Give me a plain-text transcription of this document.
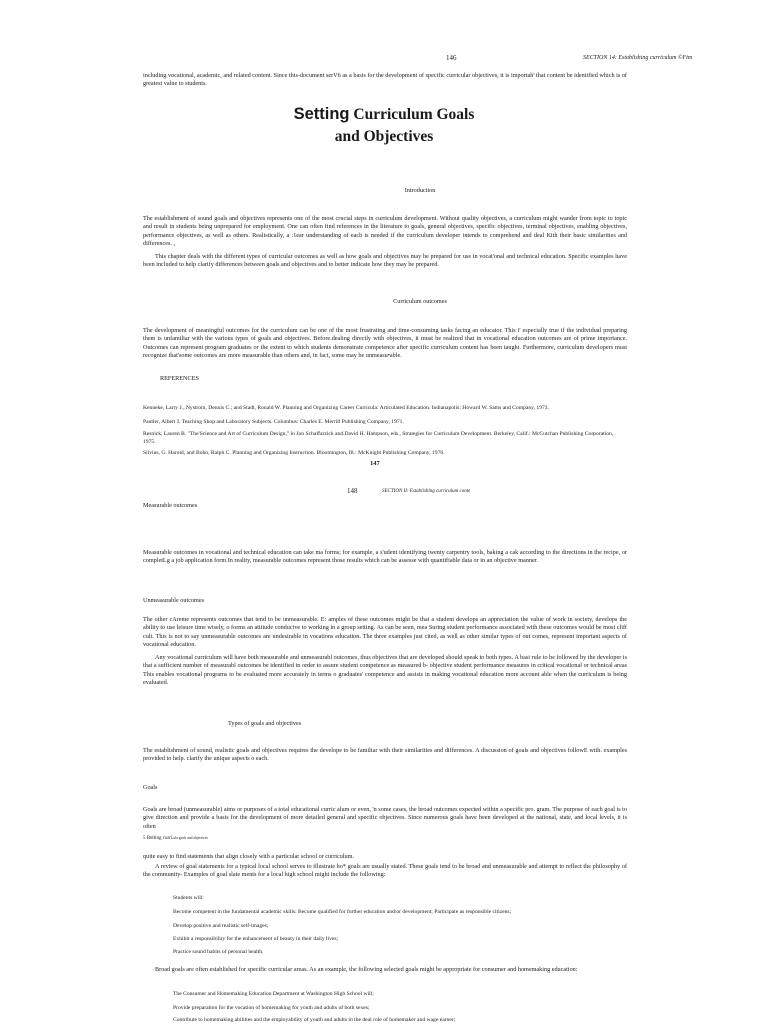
146	SECTION 14: Establishing curriculum ©Ftm

including vocational, academic, and related content. Since this-document serV6 as a basis for the development of specific curricular objectives, it is importah' that content be identified which is of greatest value to students.

Setting Curriculum Goals
and Objectives
Introduction

The establishment of sound goals and objectives represents one of the most crucial steps in curriculum development. Without quality objectives, a curriculum might wander from topic to topic and result in students being unprepared for employment. One can often find references in the literature to goals, general objectives, specific objectives, terminal objectives, enabling objectives, performance objectives, as well as others. Realistically, a :1ear understanding of each is needed if the curriculum developer intends to comprehend and deal Kith their basic similarities and differences. ,

This chapter deals with the different types of curricular outcomes as well as how goals and objectives may be prepared for use in vocat'onal and technical education. Specific examples have been included to help clarify differences between goals and objectives and to better indicate how they may be prepared.

Curriculum outcomes

The development of meaningful outcomes for the curriculum can be one of the most frustrating and time-consuming tasks facing an educator. This i' especially true if the individual preparing them is unfamiliar with the various types of goals and objectives. Before.dealing directly with objectives, it must be realized that in vocational education outcomes are of prime importance. Outcomes can represent program graduates or the extent to which students demonstrate competence after specific curriculum content has been taught. Furthermore, curriculum developers must recognize that'some outcomes are more measurable than others and, in fact, some may be unmeasu•able.

REFERENCES

Kenneke, Larry J., Nystrom, Dennis C.; and Stadt, Ronald W. Planning and Organizing Career Curricula: Articulated Education. Indianapolis: Howard W. Sams and Company, 1973.

Pautler, Albert J. Teaching Shop and Laboratory Subjects. Columbus: Charles E. Merrill Publishing Company, 1971.

Resnick, Lauren B. "The'Science and Art of Curriculum Design," in Jon Schaffarzick and.David H. Hampson, eds., Strategies for Curriculum Development. Berkeley, Calif.: McCutchan Publishing Corporation, 1975.

Silvius, G. Harold, and Bohn, Ralph C. Planning and Organizing Instruction. Bloomington, Ill.: McKnight Publishing Company, 1976.

147
148	SECTION II: Establishing curriculum conte
Measurable outcomes

Measurable outcomes in vocational and technical education can take ma forms; for example, a s'udent identifying twenty carpentry tools, baking a cak according to the directions in the recipe, or completLg a job application form In reality, measurable outcomes represent those results which can be assesse with quantifiable data or in an objective manner.

Unmeasurable outcomes

The other cAreme represents outcomes that tend to be unmeasurable. E: amples of these outcomes might be that a student develops an appreciation the value of work in society, develops the ability to use leisure time wisely, o forms an attitude conducive to working in a group setting. As can be seen, mea Suring student performance associated with these outcomes would be most cliff cult. This is not to say unmeasurable outcomes are undesirable in vocations education. The three examples just cited, as well as other similar types of out comes, represent important aspects of vocational education.

Any vocational curriculum will have both measurable and unmeasurabl outcomes, thus objectives that are developed should speak to both types. A basi rule to be followed by the developer is that a sufficient number of measurabl outcomes be identified in order to assure student competence as measured b- objective student performance measures in critical vocational or technical areas This enables vocational programs to be evaluated more accurately in terms o graduates' competence and assists in making vocational education more account able when the curriculum is being evaluated.

Types of goals and objectives

The establishment of sound, realistic goals and objectives requires the develope to be familiar with their similarities and differences. A discussion of goals and objectives followE with. examples provided to help. clarify the unique aspects o each.

Goals

Goals are broad (unmeasurable) aims or purposes of a total educational curric alum or even, 'n some cases, the broad outcomes expected within a specific pro. gram. The purpose of each goal is to give direction and provide a basis for the development of more detailed general and specific objectives. Since numerous goals have been developed at the national, state, and local levels, it is often

5 Belting curri.ula goals and objectives

quite easy to find statements that align closely with a particular school or curriculum.

A review of goal statements for a typical local school serves to illustrate ho* goals are usually stated. These goals tend to be broad and unmeasurable and attempt to reflect the philosophy of the community- Examples of goal slate ments for a local high school might include the following:

Students will:
Become competent in the fundamental academic skills: Become qualified for further education and/or development; Participate as responsible citizens;
Develop positive and realistic self-images;
Exhibit a responsibility for the enhancement of beauty in their daily lives;
Practice sound habits of personal health.

Broad goals are often established for specific curricular areas. As an example, the following selected goals might be appropriate for consumer and homemaking education:

The Consumer and Homemaking Education Department at Washington High School will;
Provide preparation for the vocation of homemaking for youth and adults of both sexes;
Contribute to homemaking abilities and the employability of youth and adults in the deal role of homemaker and wage earner;
